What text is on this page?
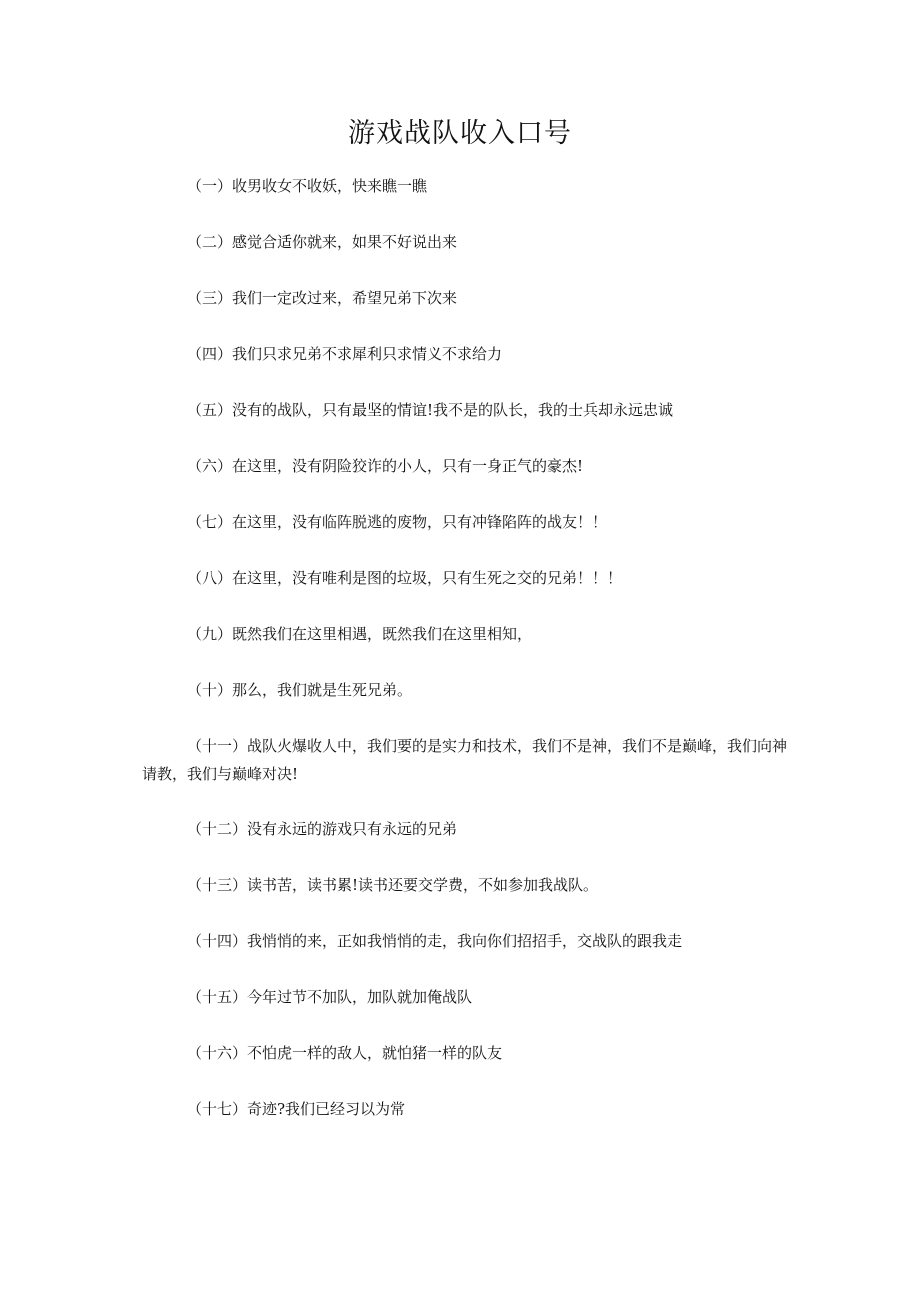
游戏战队收入口号
（一）收男收女不收妖，快来瞧一瞧
（二）感觉合适你就来，如果不好说出来
（三）我们一定改过来，希望兄弟下次来
（四）我们只求兄弟不求犀利只求情义不求给力
（五）没有的战队，只有最坚的情谊!我不是的队长，我的士兵却永远忠诚
（六）在这里，没有阴险狡诈的小人，只有一身正气的豪杰!
（七）在这里，没有临阵脱逃的废物，只有冲锋陷阵的战友！！
（八）在这里，没有唯利是图的垃圾，只有生死之交的兄弟！！！
（九）既然我们在这里相遇，既然我们在这里相知，
（十）那么，我们就是生死兄弟。
（十一）战队火爆收人中，我们要的是实力和技术，我们不是神，我们不是巅峰，我们向神请教，我们与巅峰对决!
（十二）没有永远的游戏只有永远的兄弟
（十三）读书苦，读书累!读书还要交学费，不如参加我战队。
（十四）我悄悄的来，正如我悄悄的走，我向你们招招手，交战队的跟我走
（十五）今年过节不加队，加队就加俺战队
（十六）不怕虎一样的敌人，就怕猪一样的队友
（十七）奇迹?我们已经习以为常
